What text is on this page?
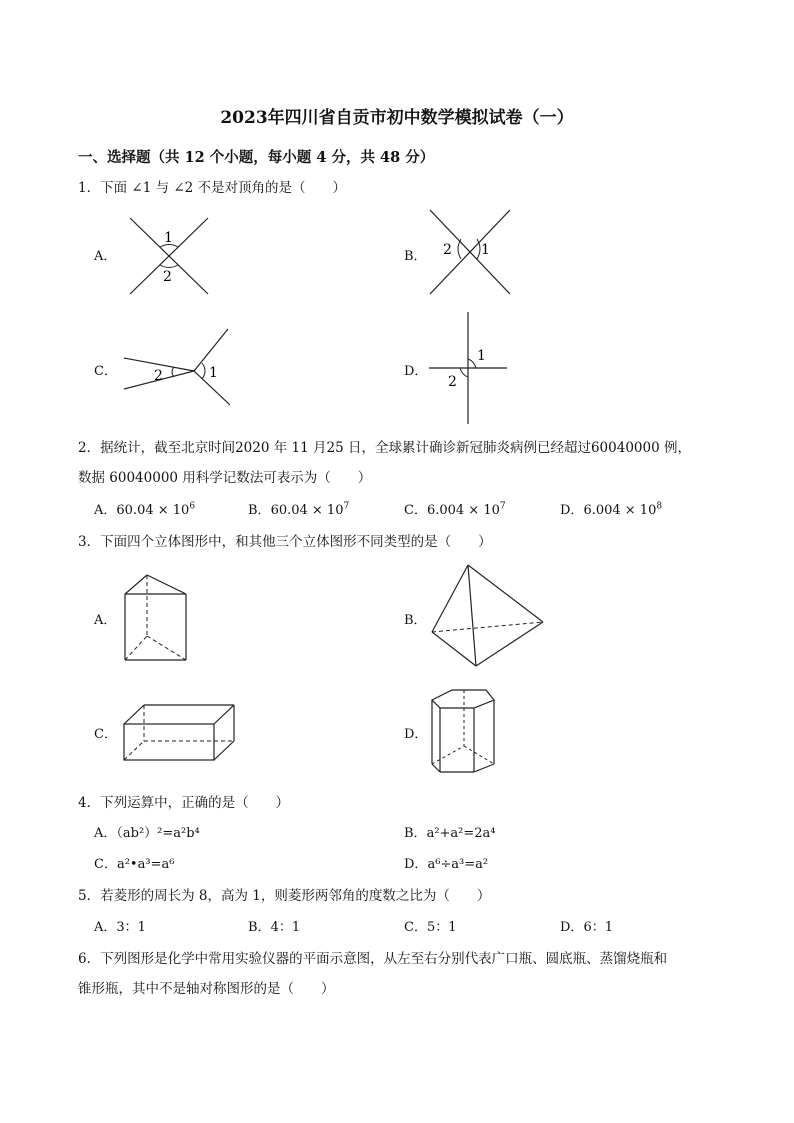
2023年四川省自贡市初中数学模拟试卷（一）
一、选择题（共 12 个小题，每小题 4 分，共 48 分）
1．下面 ∠1 与 ∠2 不是对顶角的是（　　）
A．
1
2
B． 2 1
C．	2	1	D．
1
2
2．据统计，截至北京时间2020 年 11 月25 日，全球累计确诊新冠肺炎病例已经超过60040000 例，
数据 60040000 用科学记数法可表示为（　　）
A．$60.04 \times 10^6$	B．$60.04 \times 10^7$	C．$6.004 \times 10^7$	D．$6.004 \times 10^8$
3．下面四个立体图形中，和其他三个立体图形不同类型的是（　　）
A．	B．
C．	D．
4．下列运算中，正确的是（　　）
A．（ab²）²=a²b⁴	B．a²+a²=2a⁴
C．a²•a³=a⁶	D．a⁶÷a³=a²
5．若菱形的周长为 8，高为 1，则菱形两邻角的度数之比为（　　）
A．3：1	B．4：1	C．5：1	D．6：1
6．下列图形是化学中常用实验仪器的平面示意图，从左至右分别代表广口瓶、圆底瓶、蒸馏烧瓶和
锥形瓶，其中不是轴对称图形的是（　　）
